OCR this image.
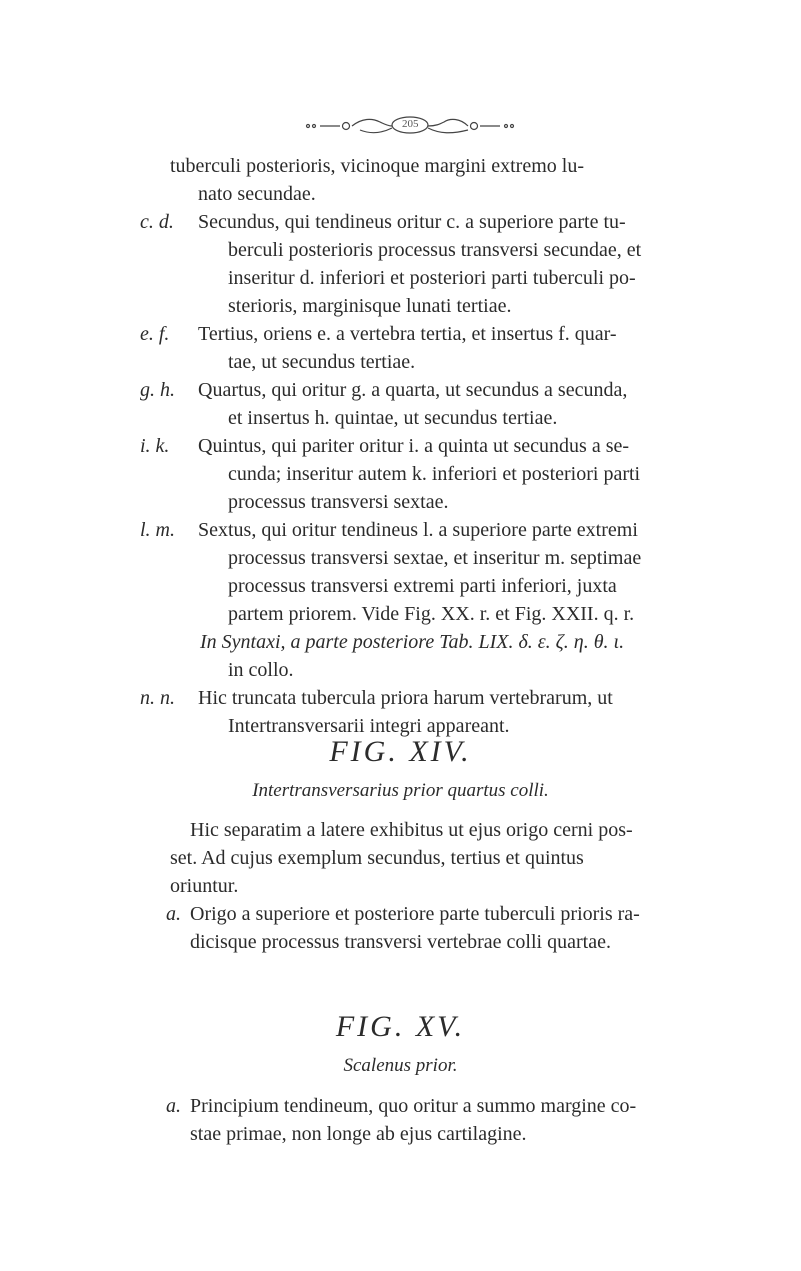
205
tuberculi posterioris, vicinoque margini extremo lu-
nato secundae.
c. d.	Secundus, qui tendineus oritur c. a superiore parte tu-
berculi posterioris processus transversi secundae, et
inseritur d. inferiori et posteriori parti tuberculi po-
sterioris, marginisque lunati tertiae.
e. f.	Tertius, oriens e. a vertebra tertia, et insertus f. quar-
tae, ut secundus tertiae.
g. h.	Quartus, qui oritur g. a quarta, ut secundus a secunda,
et insertus h. quintae, ut secundus tertiae.
i. k.	Quintus, qui pariter oritur i. a quinta ut secundus a se-
cunda; inseritur autem k. inferiori et posteriori parti
processus transversi sextae.
l. m.	Sextus, qui oritur tendineus l. a superiore parte extremi
processus transversi sextae, et inseritur m. septimae
processus transversi extremi parti inferiori, juxta
partem priorem. Vide Fig. XX. r. et Fig. XXII. q. r.
In Syntaxi, a parte posteriore Tab. LIX. δ. ε. ζ. η. θ. ι.
in collo.
n. n.	Hic truncata tubercula priora harum vertebrarum, ut
Intertransversarii integri appareant.
FIG. XIV.
Intertransversarius prior quartus colli.
Hic separatim a latere exhibitus ut ejus origo cerni pos-
set. Ad cujus exemplum secundus, tertius et quintus
oriuntur.
a. Origo a superiore et posteriore parte tuberculi prioris ra-
dicisque processus transversi vertebrae colli quartae.
FIG. XV.
Scalenus prior.
a. Principium tendineum, quo oritur a summo margine co-
stae primae, non longe ab ejus cartilagine.
